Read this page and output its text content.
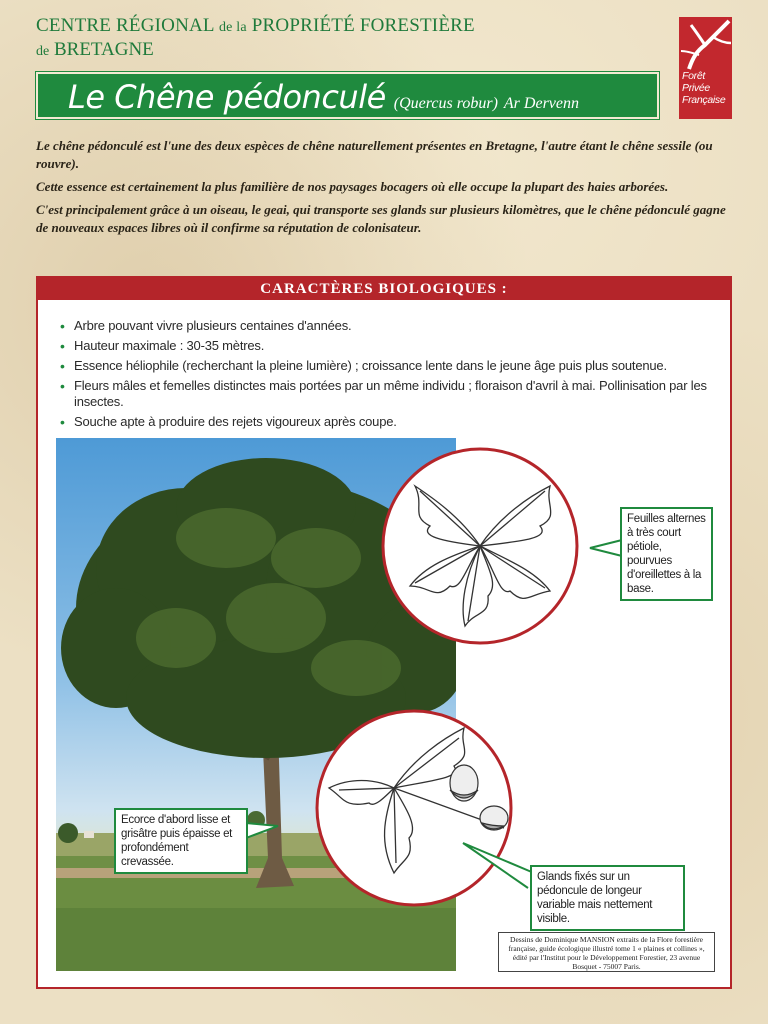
CENTRE RÉGIONAL de la PROPRIÉTÉ FORESTIÈRE
de BRETAGNE
Forêt
Privée
Française
Le Chêne pédonculé (Quercus robur) Ar Dervenn

Le chêne pédonculé est l'une des deux espèces de chêne naturellement présentes en Bretagne, l'autre étant le chêne sessile (ou rouvre).

Cette essence est certainement la plus familière de nos paysages bocagers où elle occupe la plupart des haies arborées.

C'est principalement grâce à un oiseau, le geai, qui transporte ses glands sur plusieurs kilomètres, que le chêne pédonculé gagne de nouveaux espaces libres où il confirme sa réputation de colonisateur.

CARACTÈRES BIOLOGIQUES :
• Arbre pouvant vivre plusieurs centaines d'années.
• Hauteur maximale : 30-35 mètres.
• Essence héliophile (recherchant la pleine lumière) ; croissance lente dans le jeune âge puis plus soutenue.
• Fleurs mâles et femelles distinctes mais portées par un même individu ; floraison d'avril à mai. Pollinisation par les insectes.
• Souche apte à produire des rejets vigoureux après coupe.
Feuilles alternes à très court pétiole, pourvues d'oreillettes à la base.
Ecorce d'abord lisse et grisâtre puis épaisse et profondément crevassée.
Glands fixés sur un pédoncule de longeur variable mais nettement visible.
Dessins de Dominique MANSION extraits de la Flore forestière française, guide écologique illustré tome 1 « plaines et collines », édité par l'Institut pour le Développement Forestier, 23 avenue Bosquet - 75007 Paris.
